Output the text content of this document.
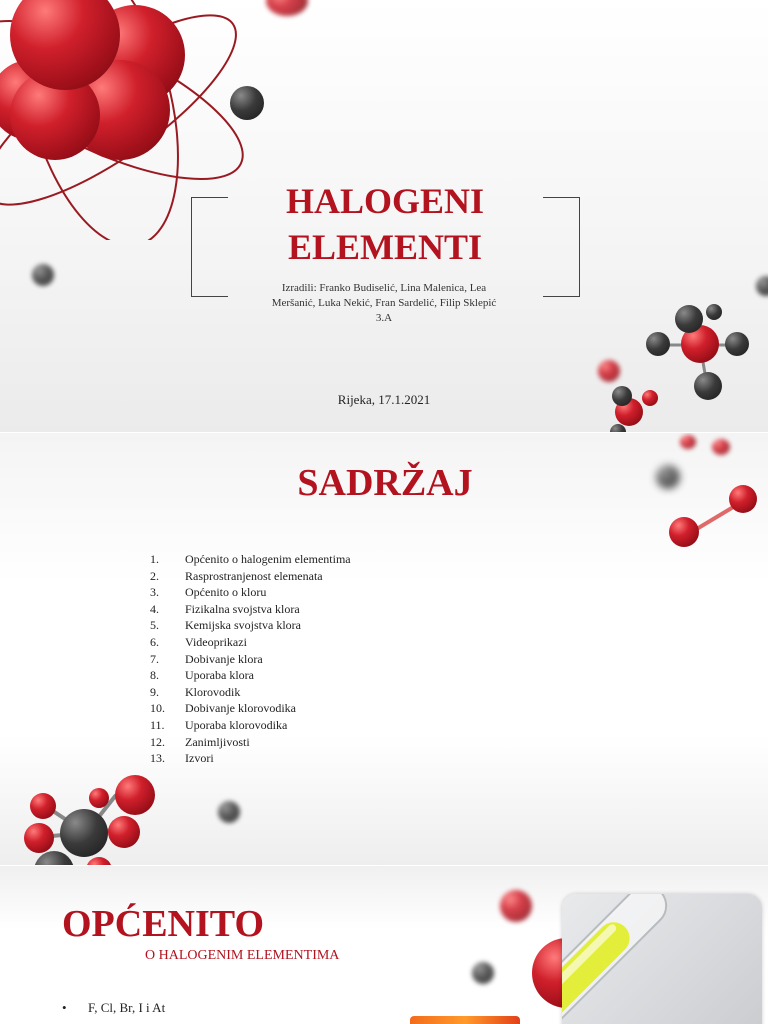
HALOGENI
ELEMENTI
Izradili: Franko Budiselić, Lina Malenica, Lea
Meršanić, Luka Nekić, Fran Sardelić, Filip Sklepić
3.A
Rijeka, 17.1.2021
SADRŽAJ
1.	Općenito o halogenim elementima
2.	Rasprostranjenost elemenata
3.	Općenito o kloru
4.	Fizikalna svojstva klora
5.	Kemijska svojstva klora
6.	Videoprikazi
7.	Dobivanje klora
8.	Uporaba klora
9.	Klorovodik
10.	Dobivanje klorovodika
11.	Uporaba klorovodika
12.	Zanimljivosti
13.	Izvori
OPĆENITO
O HALOGENIM ELEMENTIMA
•	F, Cl, Br, I i At
